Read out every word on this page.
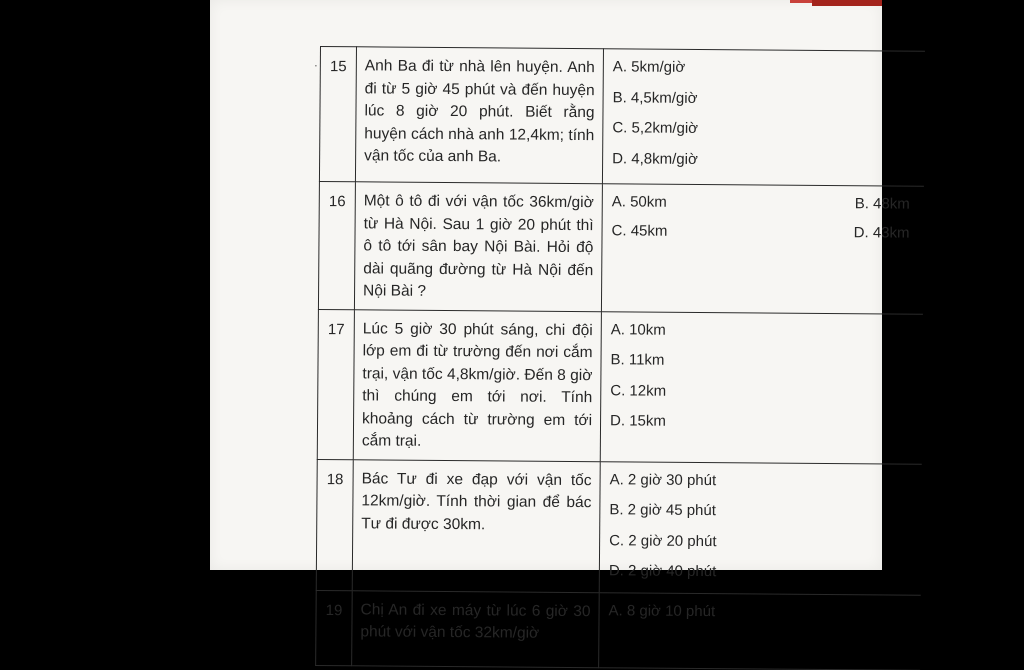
· 15	Anh Ba đi từ nhà lên huyện. Anh đi từ 5 giờ 45 phút và đến huyện lúc 8 giờ 20 phút. Biết rằng huyện cách nhà anh 12,4km; tính vận tốc của anh Ba.	A. 5km/giờ
B. 4,5km/giờ
C. 5,2km/giờ
D. 4,8km/giờ

16	Một ô tô đi với vận tốc 36km/giờ từ Hà Nội. Sau 1 giờ 20 phút thì ô tô tới sân bay Nội Bài. Hỏi độ dài quãng đường từ Hà Nội đến Nội Bài ?	A. 50km B. 48km
C. 45km D. 43km

17	Lúc 5 giờ 30 phút sáng, chi đội lớp em đi từ trường đến nơi cắm trại, vận tốc 4,8km/giờ. Đến 8 giờ thì chúng em tới nơi. Tính khoảng cách từ trường em tới cắm trại.	A. 10km
B. 11km
C. 12km
D. 15km

18	Bác Tư đi xe đạp với vận tốc 12km/giờ. Tính thời gian để bác Tư đi được 30km.	A. 2 giờ 30 phút
B. 2 giờ 45 phút
C. 2 giờ 20 phút
D. 2 giờ 40 phút

19	Chị An đi xe máy từ lúc 6 giờ 30 phút với vận tốc 32km/giờ	A. 8 giờ 10 phút
